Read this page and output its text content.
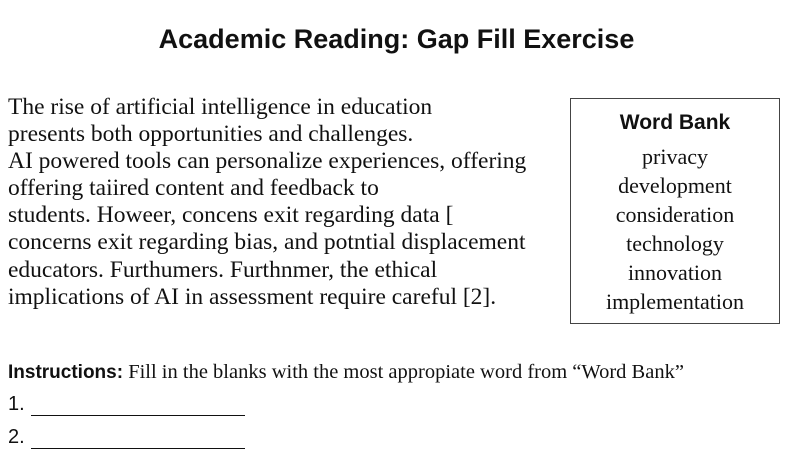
Academic Reading: Gap Fill Exercise
The rise of artificial intelligence in education
presents both opportunities and challenges.
AI powered tools can personalize experiences, offering
offering taiired content and feedback to
students. Howeer, concens exit regarding data [
concerns exit regarding bias, and potntial displacement
educators. Furthumers. Furthnmer, the ethical
implications of AI in assessment require careful [2].
Word Bank
privacy
development
consideration
technology
innovation
implementation
Instructions: Fill in the blanks with the most appropiate word from “Word Bank”
1.
2.
